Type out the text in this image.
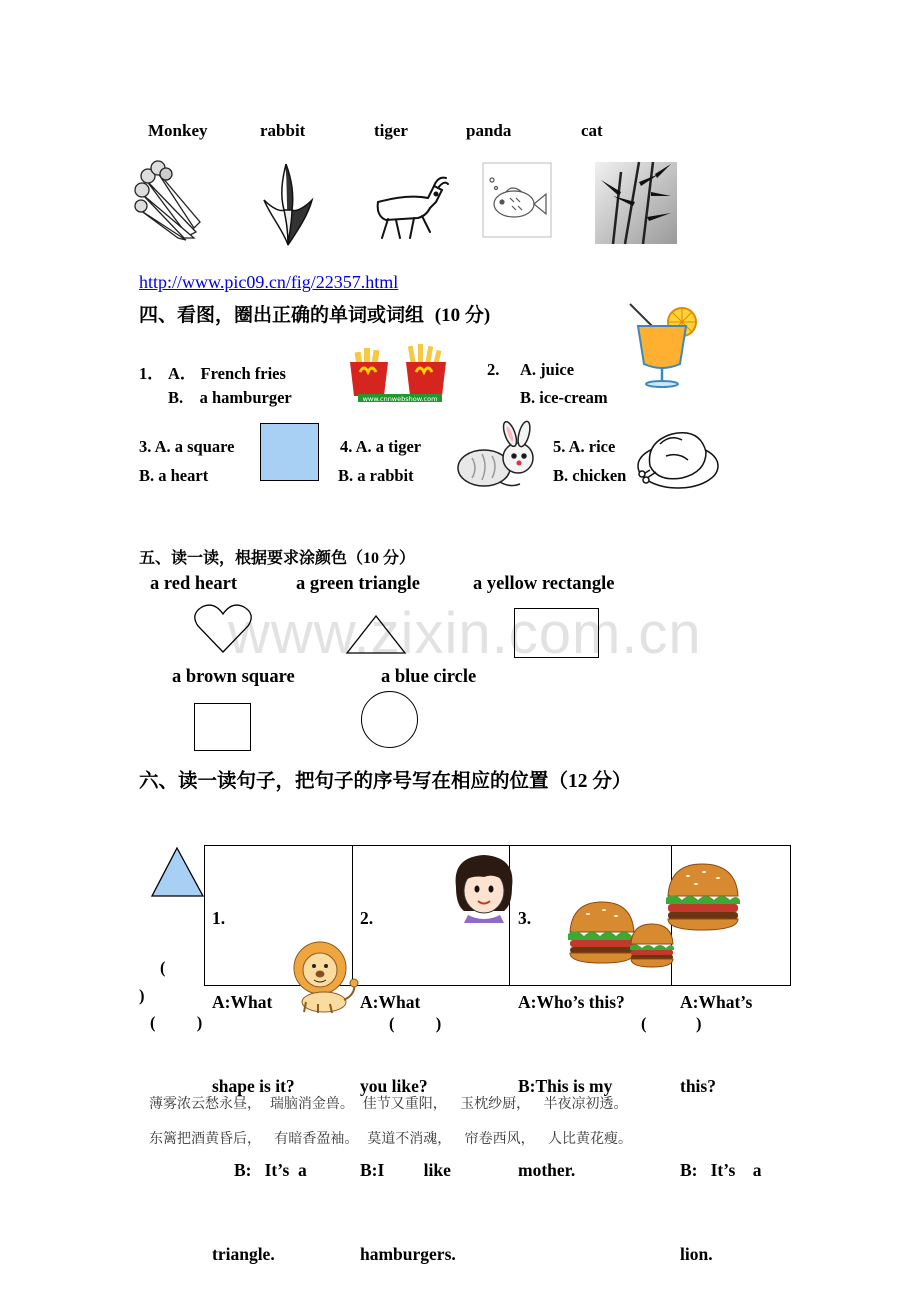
Monkey	rabbit	tiger	panda	cat
http://www.pic09.cn/fig/22357.html
四、看图，圈出正确的单词或词组 (10 分)
1． A． French fries
B.    a hamburger	www.cnnwebshow.com
2. A. juice
B. ice-cream
3. A. a square
B. a heart
4. A. a tiger
B. a rabbit
5. A. rice
B. chicken
五、读一读，根据要求涂颜色（10 分）
a red heart	a green triangle	a yellow rectangle
www.zixin.com.cn
a brown square	a blue circle
六、读一读句子，把句子的序号写在相应的位置（12 分）

1.

A:What

shape is it?

B:   It’s  a

triangle.

2.

A:What

you like?

B:I         like

hamburgers.

3.

A:Who’s this?

B:This is my

mother.

A:What’s

this?

B:   It’s    a

lion.

(
)
(          )	(          )	(            )
薄雾浓云愁永昼，  瑞脑消金兽。  佳节又重阳，   玉枕纱厨，   半夜凉初透。
东篱把酒黄昏后，   有暗香盈袖。  莫道不消魂，   帘卷西风，   人比黄花瘦。
